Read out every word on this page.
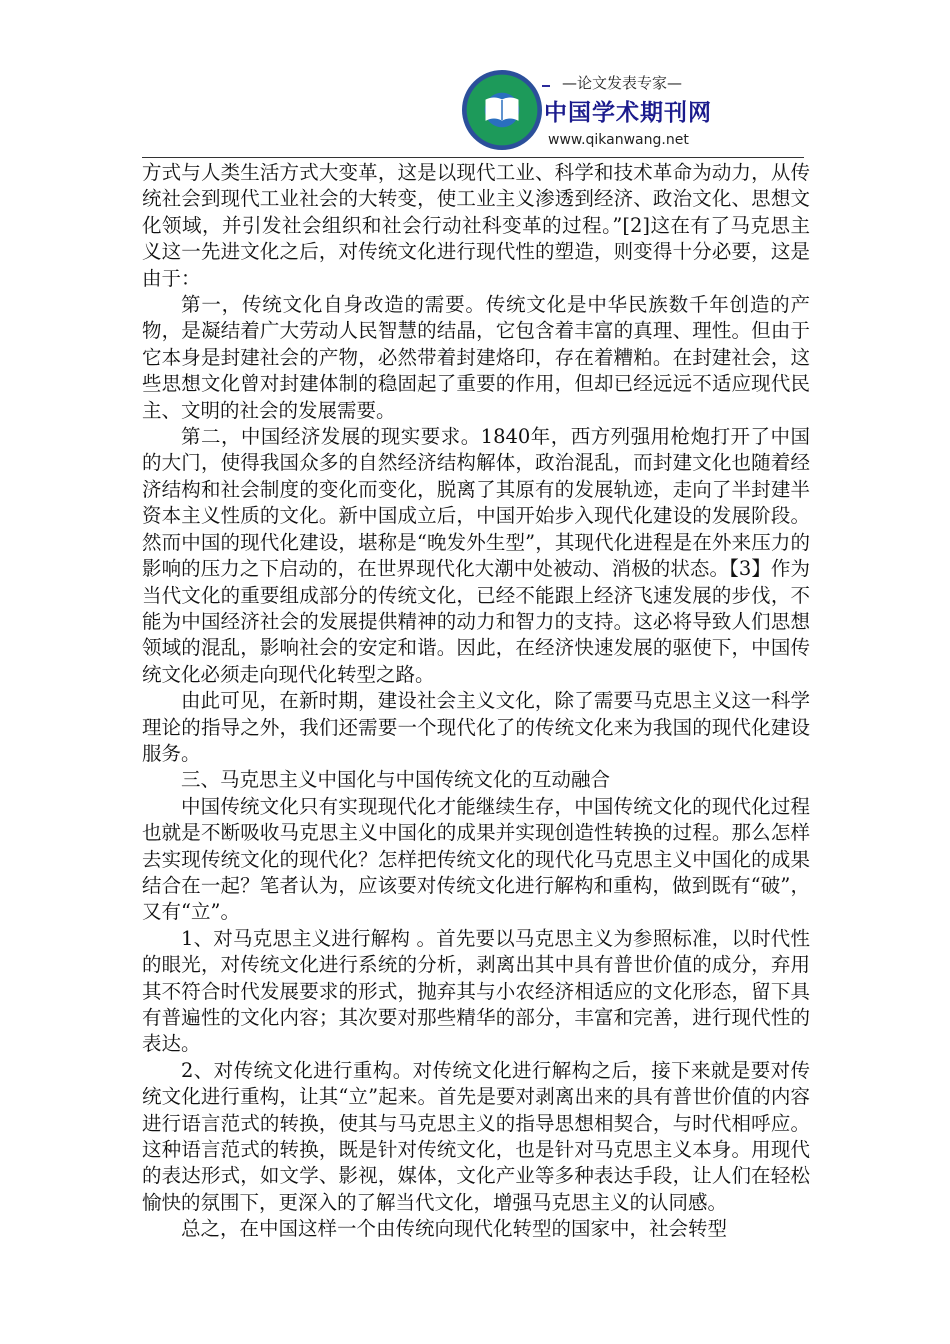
—论文发表专家—
中国学术期刊网
www.qikanwang.net

方式与人类生活方式大变革，这是以现代工业、科学和技术革命为动力，从传统社会到现代工业社会的大转变，使工业主义渗透到经济、政治文化、思想文化领域，并引发社会组织和社会行动社科变革的过程。”[2]这在有了马克思主义这一先进文化之后，对传统文化进行现代性的塑造，则变得十分必要，这是由于：

第一，传统文化自身改造的需要。传统文化是中华民族数千年创造的产物，是凝结着广大劳动人民智慧的结晶，它包含着丰富的真理、理性。但由于它本身是封建社会的产物，必然带着封建烙印，存在着糟粕。在封建社会，这些思想文化曾对封建体制的稳固起了重要的作用，但却已经远远不适应现代民主、文明的社会的发展需要。

第二，中国经济发展的现实要求。1840年，西方列强用枪炮打开了中国的大门，使得我国众多的自然经济结构解体，政治混乱，而封建文化也随着经济结构和社会制度的变化而变化，脱离了其原有的发展轨迹，走向了半封建半资本主义性质的文化。新中国成立后，中国开始步入现代化建设的发展阶段。然而中国的现代化建设，堪称是“晚发外生型”，其现代化进程是在外来压力的影响的压力之下启动的，在世界现代化大潮中处被动、消极的状态。【3】作为当代文化的重要组成部分的传统文化，已经不能跟上经济飞速发展的步伐，不能为中国经济社会的发展提供精神的动力和智力的支持。这必将导致人们思想领域的混乱，影响社会的安定和谐。因此，在经济快速发展的驱使下，中国传统文化必须走向现代化转型之路。

由此可见，在新时期，建设社会主义文化，除了需要马克思主义这一科学理论的指导之外，我们还需要一个现代化了的传统文化来为我国的现代化建设服务。

三、马克思主义中国化与中国传统文化的互动融合

中国传统文化只有实现现代化才能继续生存，中国传统文化的现代化过程也就是不断吸收马克思主义中国化的成果并实现创造性转换的过程。那么怎样去实现传统文化的现代化？怎样把传统文化的现代化马克思主义中国化的成果结合在一起？笔者认为，应该要对传统文化进行解构和重构，做到既有“破”，又有“立”。

1、对马克思主义进行解构 。首先要以马克思主义为参照标准，以时代性的眼光，对传统文化进行系统的分析，剥离出其中具有普世价值的成分，弃用其不符合时代发展要求的形式，抛弃其与小农经济相适应的文化形态，留下具有普遍性的文化内容；其次要对那些精华的部分，丰富和完善，进行现代性的表达。

2、对传统文化进行重构。对传统文化进行解构之后，接下来就是要对传统文化进行重构，让其“立”起来。首先是要对剥离出来的具有普世价值的内容进行语言范式的转换，使其与马克思主义的指导思想相契合，与时代相呼应。这种语言范式的转换，既是针对传统文化，也是针对马克思主义本身。用现代的表达形式，如文学、影视，媒体，文化产业等多种表达手段，让人们在轻松愉快的氛围下，更深入的了解当代文化，增强马克思主义的认同感。

总之，在中国这样一个由传统向现代化转型的国家中，社会转型
